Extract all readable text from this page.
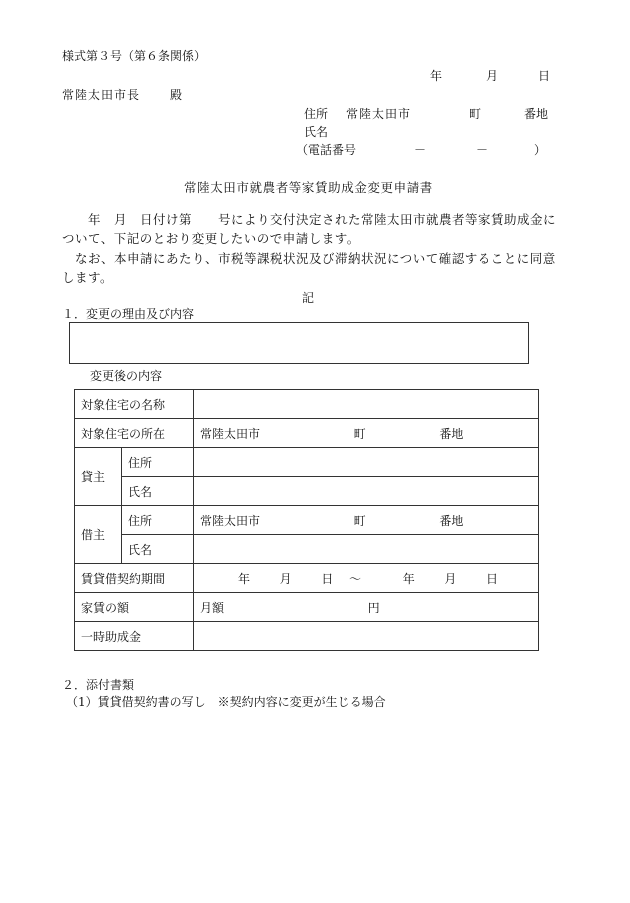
様式第３号（第６条関係）
年	月	日
常陸太田市長 殿
住所 常陸太田市	町	番地
氏名
（電話番号	－	－	）
常陸太田市就農者等家賃助成金変更申請書
　　年　月　日付け第　　号により交付決定された常陸太田市就農者等家賃助成金について、下記のとおり変更したいので申請します。
　なお、本申請にあたり、市税等課税状況及び滞納状況について確認することに同意します。
記
１．変更の理由及び内容
変更後の内容
対象住宅の名称		
対象住宅の所在		常陸太田市 町 番地
貸主	住所	
	氏名	
借主	住所	常陸太田市 町 番地
	氏名	
賃貸借契約期間		年 月 日 ～ 年 月 日
家賃の額		月額 円
一時助成金		
２．添付書類
（1）賃貸借契約書の写し　※契約内容に変更が生じる場合
